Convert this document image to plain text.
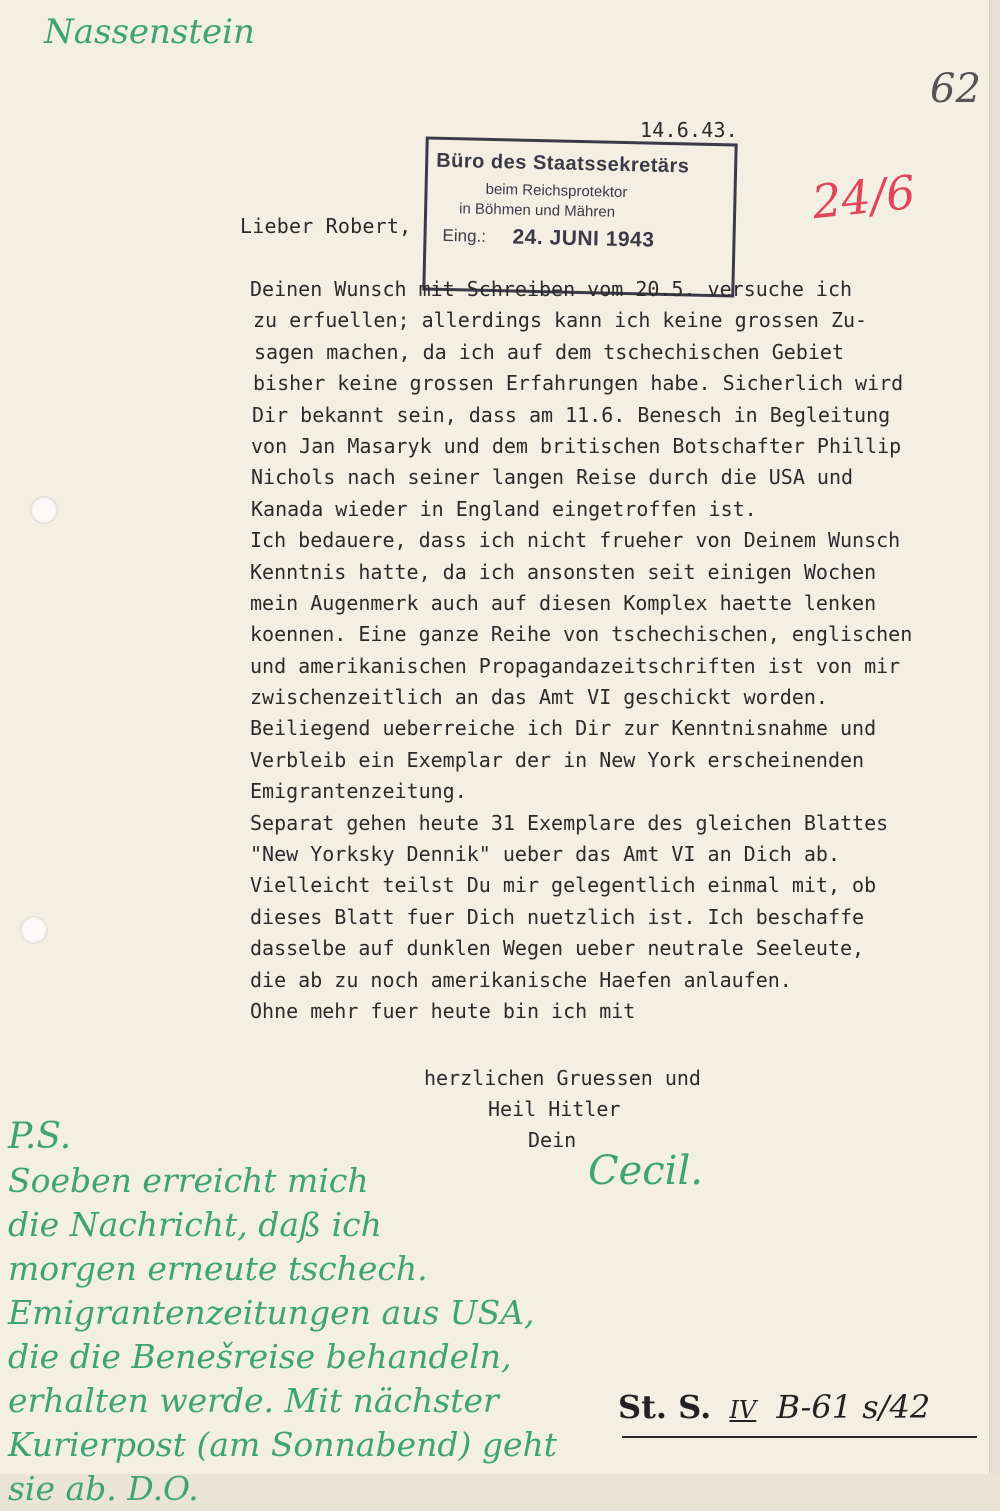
Nassenstein
62
24/6
14.6.43.
Büro des Staatssekretärs
beim Reichsprotektor
in Böhmen und Mähren
Eing.: 24. JUNI 1943
Lieber Robert,
Deinen Wunsch mit Schreiben vom 20.5. versuche ich
zu erfuellen; allerdings kann ich keine grossen Zu-
sagen machen, da ich auf dem tschechischen Gebiet
bisher keine grossen Erfahrungen habe. Sicherlich wird
Dir bekannt sein, dass am 11.6. Benesch in Begleitung
von Jan Masaryk und dem britischen Botschafter Phillip
Nichols nach seiner langen Reise durch die USA und
Kanada wieder in England eingetroffen ist.
Ich bedauere, dass ich nicht frueher von Deinem Wunsch
Kenntnis hatte, da ich ansonsten seit einigen Wochen
mein Augenmerk auch auf diesen Komplex haette lenken
koennen. Eine ganze Reihe von tschechischen, englischen
und amerikanischen Propagandazeitschriften ist von mir
zwischenzeitlich an das Amt VI geschickt worden.
Beiliegend ueberreiche ich Dir zur Kenntnisnahme und
Verbleib ein Exemplar der in New York erscheinenden
Emigrantenzeitung.
Separat gehen heute 31 Exemplare des gleichen Blattes
"New Yorksky Dennik" ueber das Amt VI an Dich ab.
Vielleicht teilst Du mir gelegentlich einmal mit, ob
dieses Blatt fuer Dich nuetzlich ist. Ich beschaffe
dasselbe auf dunklen Wegen ueber neutrale Seeleute,
die ab zu noch amerikanische Haefen anlaufen.
Ohne mehr fuer heute bin ich mit
herzlichen Gruessen und
Heil Hitler
Dein
Cecil.
P.S.
Soeben erreicht mich
die Nachricht, daß ich
morgen erneute tschech.
Emigrantenzeitungen aus USA,
die die Benešreise behandeln,
erhalten werde. Mit nächster
Kurierpost (am Sonnabend) geht
sie ab. D.O.
St. S. IV B-61 s/42
